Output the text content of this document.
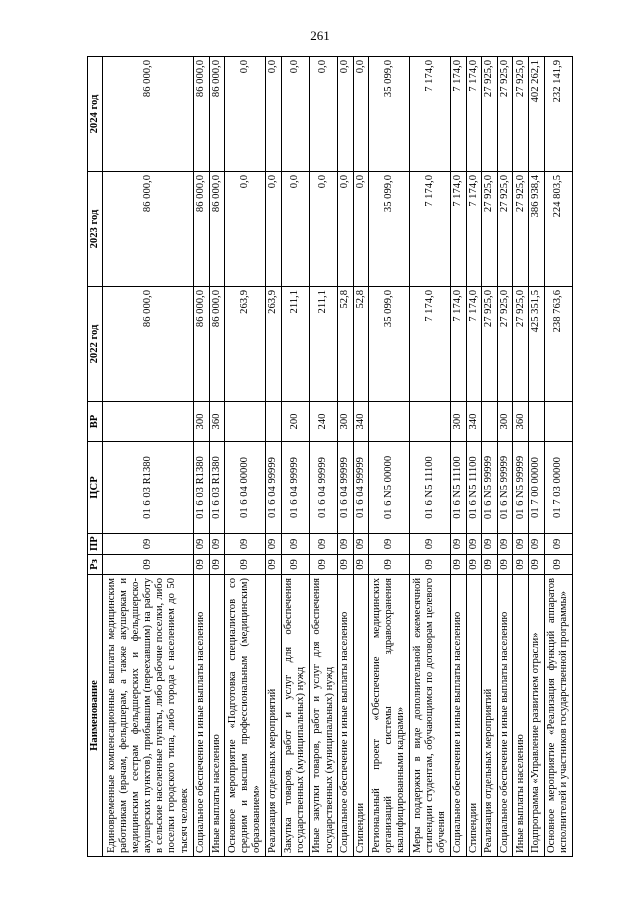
261
Наименование	Рз	ПР	ЦСР	ВР	2022 год	2023 год	2024 год
Единовременные компенсационные выплаты медицинским работникам (врачам, фельдшерам, а также акушеркам и медицинским сестрам фельдшерских и фельдшерско-акушерских пунктов), прибывшим (переехавшим) на работу в сельские населенные пункты, либо рабочие поселки, либо поселки городского типа, либо города с населением до 50 тысяч человек	09	09	01 6 03 R1380		86 000,0	86 000,0	86 000,0
Социальное обеспечение и иные выплаты населению	09	09	01 6 03 R1380	300	86 000,0	86 000,0	86 000,0
Иные выплаты населению	09	09	01 6 03 R1380	360	86 000,0	86 000,0	86 000,0
Основное мероприятие «Подготовка специалистов со средним и высшим профессиональным (медицинским) образованием»	09	09	01 6 04 00000		263,9	0,0	0,0
Реализация отдельных мероприятий	09	09	01 6 04 99999		263,9	0,0	0,0
Закупка товаров, работ и услуг для обеспечения государственных (муниципальных) нужд	09	09	01 6 04 99999	200	211,1	0,0	0,0
Иные закупки товаров, работ и услуг для обеспечения государственных (муниципальных) нужд	09	09	01 6 04 99999	240	211,1	0,0	0,0
Социальное обеспечение и иные выплаты населению	09	09	01 6 04 99999	300	52,8	0,0	0,0
Стипендии	09	09	01 6 04 99999	340	52,8	0,0	0,0
Региональный проект «Обеспечение медицинских организаций системы здравоохранения квалифицированными кадрами»	09	09	01 6 N5 00000		35 099,0	35 099,0	35 099,0
Меры поддержки в виде дополнительной ежемесячной стипендии студентам, обучающимся по договорам целевого обучения	09	09	01 6 N5 11100		7 174,0	7 174,0	7 174,0
Социальное обеспечение и иные выплаты населению	09	09	01 6 N5 11100	300	7 174,0	7 174,0	7 174,0
Стипендии	09	09	01 6 N5 11100	340	7 174,0	7 174,0	7 174,0
Реализация отдельных мероприятий	09	09	01 6 N5 99999		27 925,0	27 925,0	27 925,0
Социальное обеспечение и иные выплаты населению	09	09	01 6 N5 99999	300	27 925,0	27 925,0	27 925,0
Иные выплаты населению	09	09	01 6 N5 99999	360	27 925,0	27 925,0	27 925,0
Подпрограмма «Управление развитием отрасли»	09	09	01 7 00 00000		425 351,5	386 938,4	402 262,1
Основное мероприятие «Реализация функций аппаратов исполнителей и участников государственной программы»	09	09	01 7 03 00000		238 763,6	224 803,5	232 141,9
